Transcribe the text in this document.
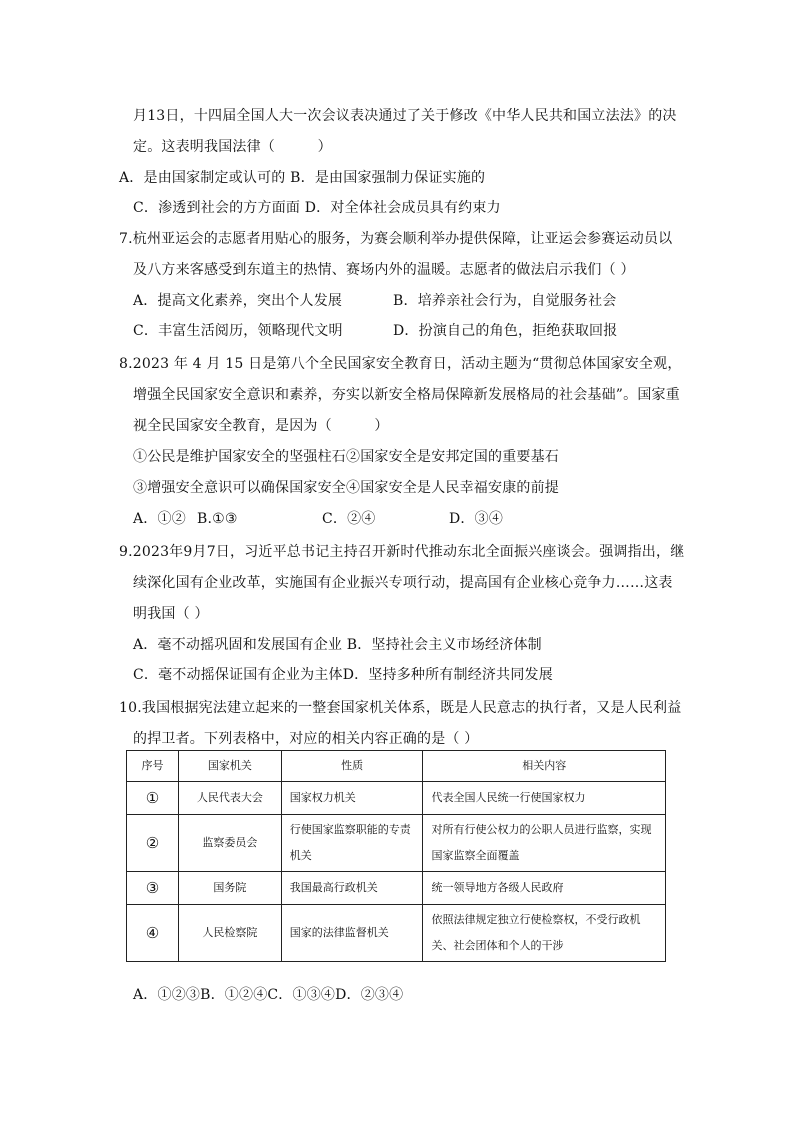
月13日，十四届全国人大一次会议表决通过了关于修改《中华人民共和国立法法》的决
定。这表明我国法律（　　　）
A．是由国家制定或认可的 B．是由国家强制力保证实施的
C．渗透到社会的方方面面 D．对全体社会成员具有约束力
7.杭州亚运会的志愿者用贴心的服务，为赛会顺利举办提供保障，让亚运会参赛运动员以
及八方来客感受到东道主的热情、赛场内外的温暖。志愿者的做法启示我们（ ）
A．提高文化素养，突出个人发展	B．培养亲社会行为，自觉服务社会
C．丰富生活阅历，领略现代文明	D．扮演自己的角色，拒绝获取回报
8.2023 年 4 月 15 日是第八个全民国家安全教育日，活动主题为“贯彻总体国家安全观，
增强全民国家安全意识和素养，夯实以新安全格局保障新发展格局的社会基础”。国家重
视全民国家安全教育，是因为（　　　）
①公民是维护国家安全的坚强柱石②国家安全是安邦定国的重要基石
③增强安全意识可以确保国家安全④国家安全是人民幸福安康的前提
A．①② B.①③	C．②④	D．③④
9.2023年9月7日，习近平总书记主持召开新时代推动东北全面振兴座谈会。强调指出，继
续深化国有企业改革，实施国有企业振兴专项行动，提高国有企业核心竞争力……这表
明我国（ ）
A．毫不动摇巩固和发展国有企业 B．坚持社会主义市场经济体制
C．毫不动摇保证国有企业为主体D．坚持多种所有制经济共同发展
10.我国根据宪法建立起来的一整套国家机关体系，既是人民意志的执行者，又是人民利益
的捍卫者。下列表格中，对应的相关内容正确的是（ ）
序号	国家机关	性质	相关内容
①	人民代表大会	国家权力机关	代表全国人民统一行使国家权力
②	监察委员会	行使国家监察职能的专责机关	对所有行使公权力的公职人员进行监察，实现国家监察全面覆盖
③	国务院	我国最高行政机关	统一领导地方各级人民政府
④	人民检察院	国家的法律监督机关	依照法律规定独立行使检察权，不受行政机关、社会团体和个人的干涉
A．①②③B．①②④C．①③④D．②③④
